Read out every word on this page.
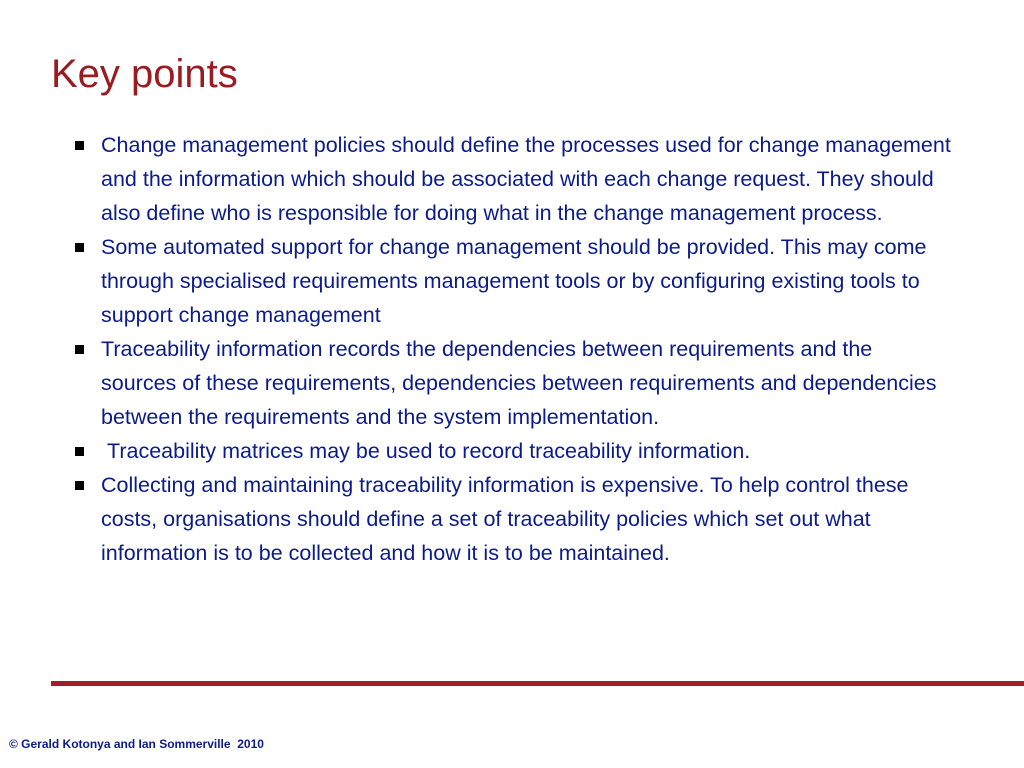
Key points
Change management policies should define the processes used for change management and the information which should be associated with each change request. They should also define who is responsible for doing what in the change management process.
Some automated support for change management should be provided. This may come through specialised requirements management tools or by configuring existing tools to support change management
Traceability information records the dependencies between requirements and the sources of these requirements, dependencies between requirements and dependencies between the requirements and the system implementation.
Traceability matrices may be used to record traceability information.
Collecting and maintaining traceability information is expensive. To help control these costs, organisations should define a set of traceability policies which set out what information is to be collected and how it is to be maintained.
© Gerald Kotonya and Ian Sommerville  2010
